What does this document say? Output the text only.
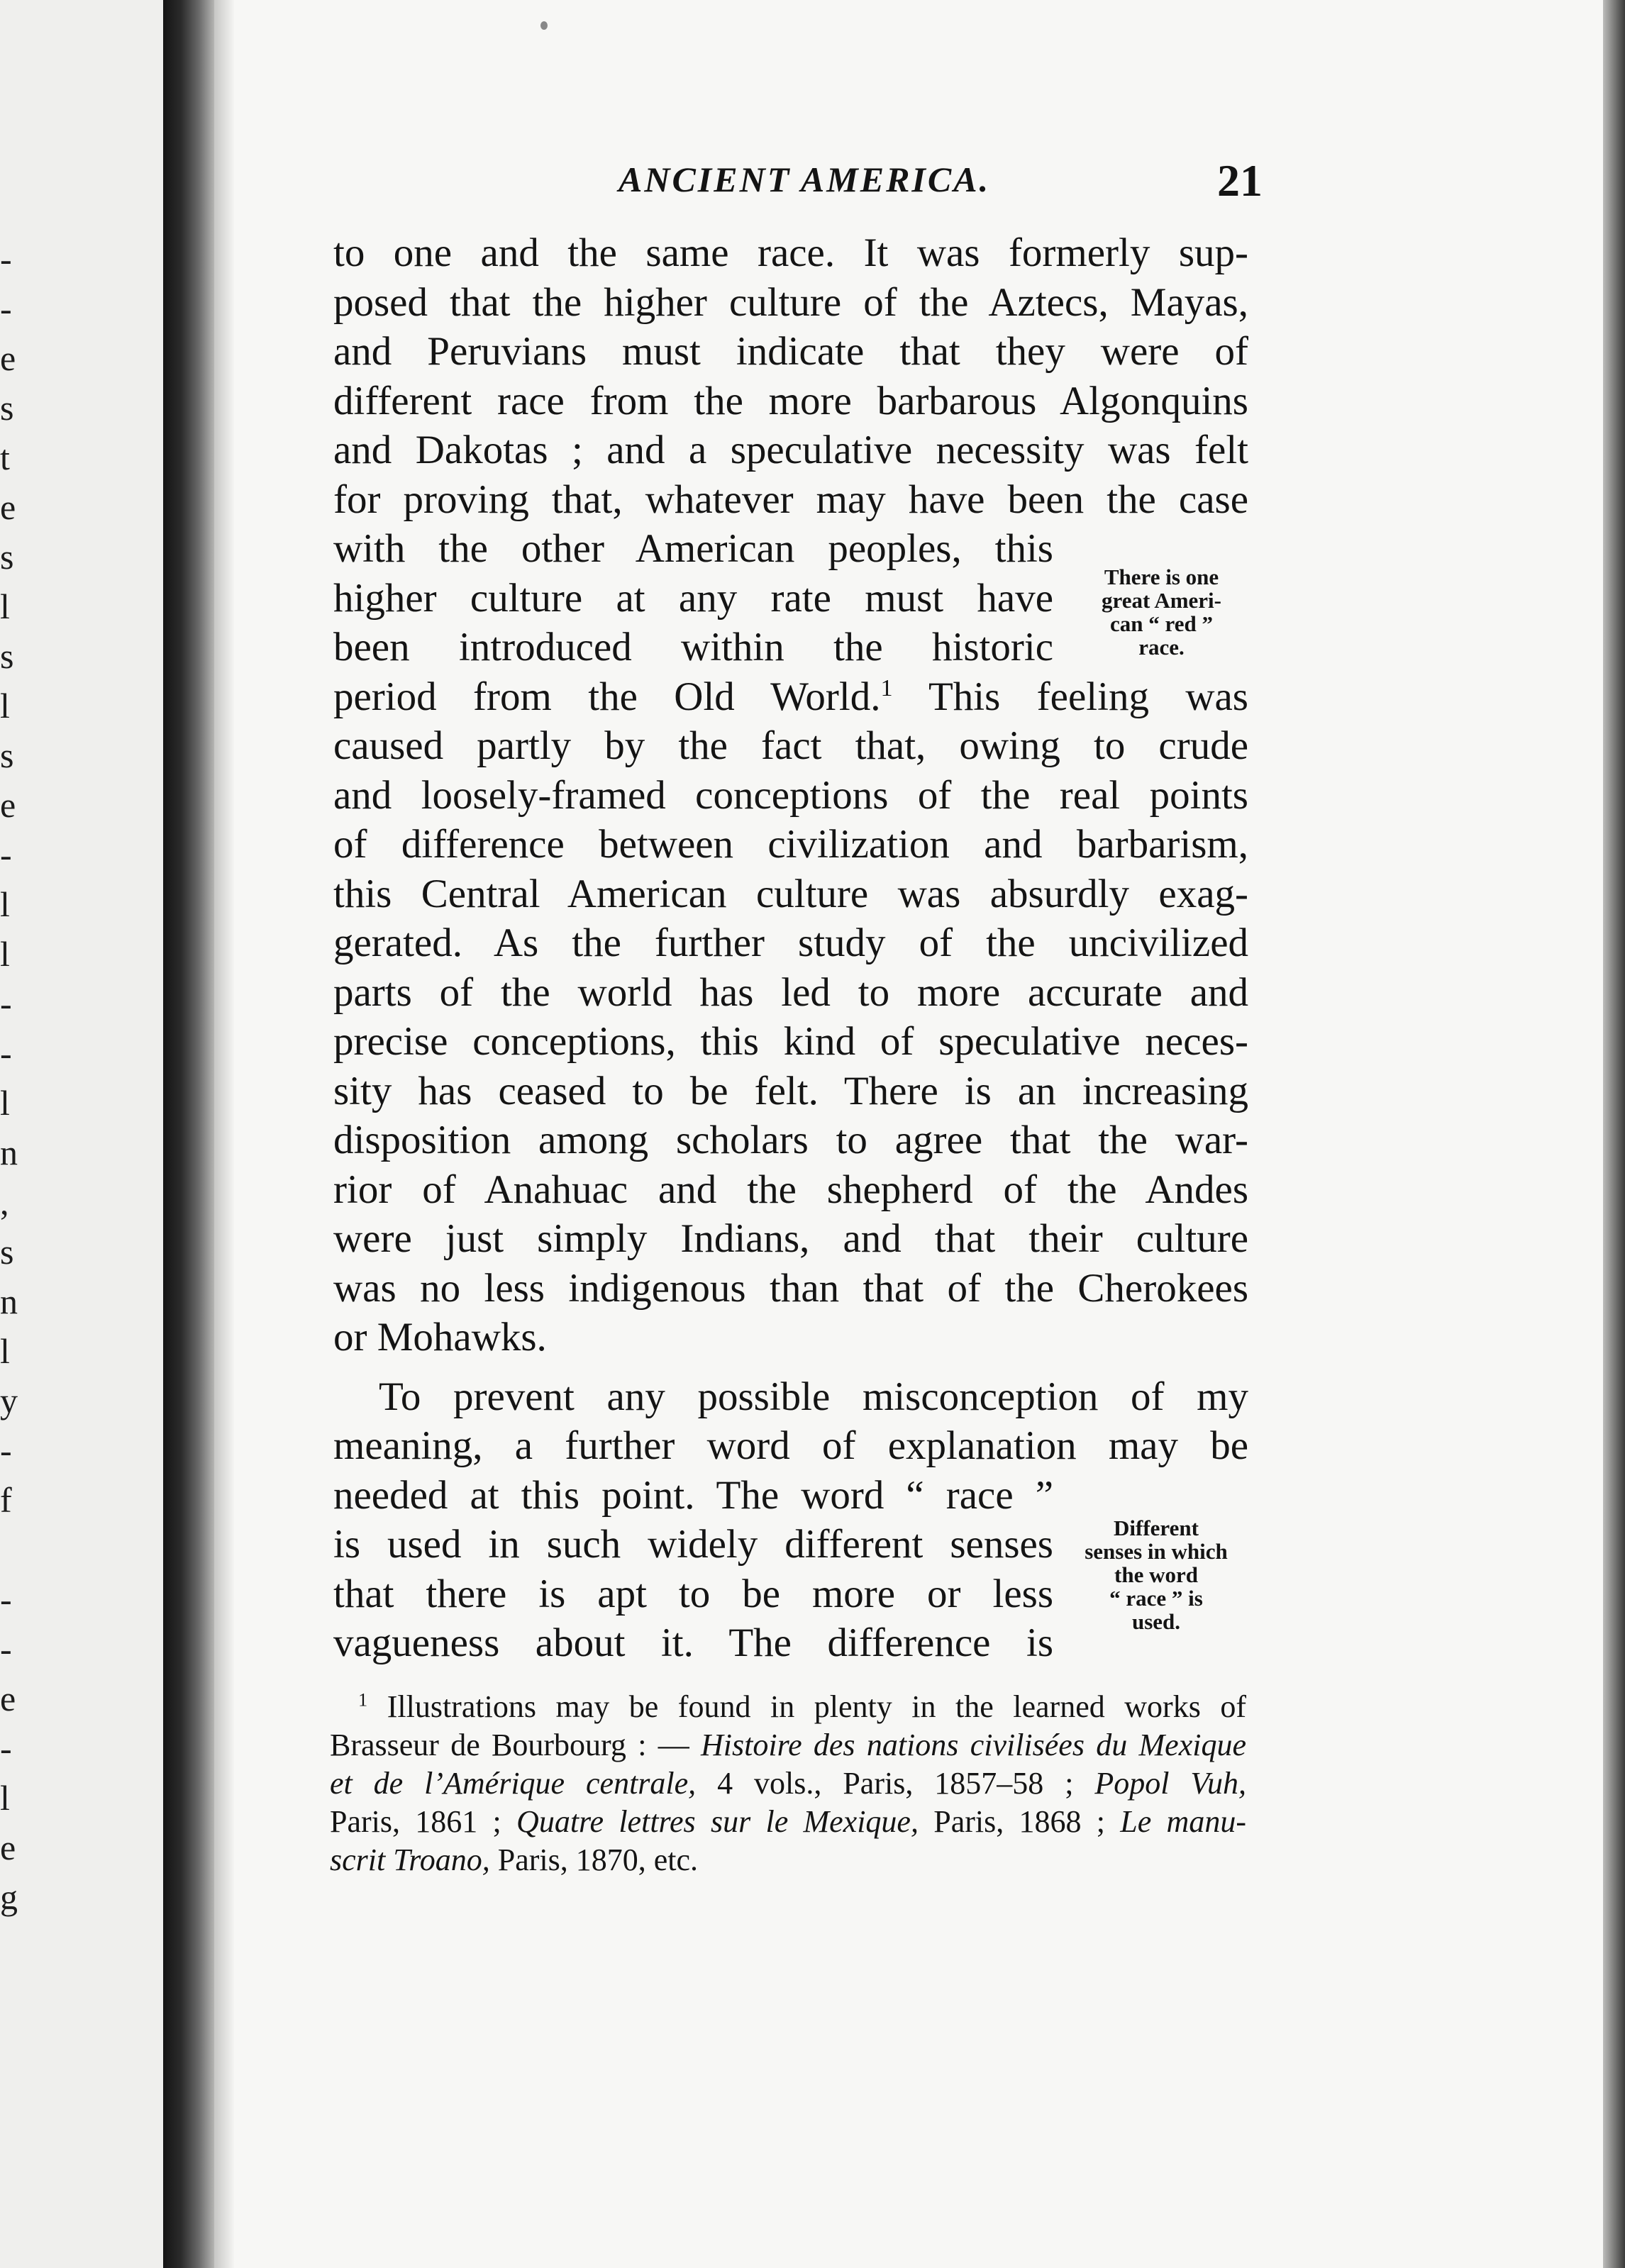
-
-
e
s
t
e
s
l
s
l
s
e
-
l
l
-
-
l
n
,
s
n
l
y
-
f
-
-
e
-
l
e
g
ANCIENT AMERICA.	21
to one and the same race. It was formerly sup-
posed that the higher culture of the Aztecs, Mayas,
and Peruvians must indicate that they were of
different race from the more barbarous Algonquins
and Dakotas ; and a speculative necessity was felt
for proving that, whatever may have been the case
with the other American peoples, this
higher culture at any rate must have
been introduced within the historic
period from the Old World.$^1$ This feeling was
caused partly by the fact that, owing to crude
and loosely-framed conceptions of the real points
of difference between civilization and barbarism,
this Central American culture was absurdly exag-
gerated. As the further study of the uncivilized
parts of the world has led to more accurate and
precise conceptions, this kind of speculative neces-
sity has ceased to be felt. There is an increasing
disposition among scholars to agree that the war-
rior of Anahuac and the shepherd of the Andes
were just simply Indians, and that their culture
was no less indigenous than that of the Cherokees
or Mohawks.
To prevent any possible misconception of my
meaning, a further word of explanation may be
needed at this point. The word “ race ”
is used in such widely different senses
that there is apt to be more or less
vagueness about it. The difference is
There is one
great Ameri-
can “ red ”
race.
Different
senses in which
the word
“ race ” is
used.
$^1$ Illustrations may be found in plenty in the learned works of
Brasseur de Bourbourg : — Histoire des nations civilisées du Mexique
et de l’Amérique centrale, 4 vols., Paris, 1857–58 ; Popol Vuh,
Paris, 1861 ; Quatre lettres sur le Mexique, Paris, 1868 ; Le manu-
scrit Troano, Paris, 1870, etc.
